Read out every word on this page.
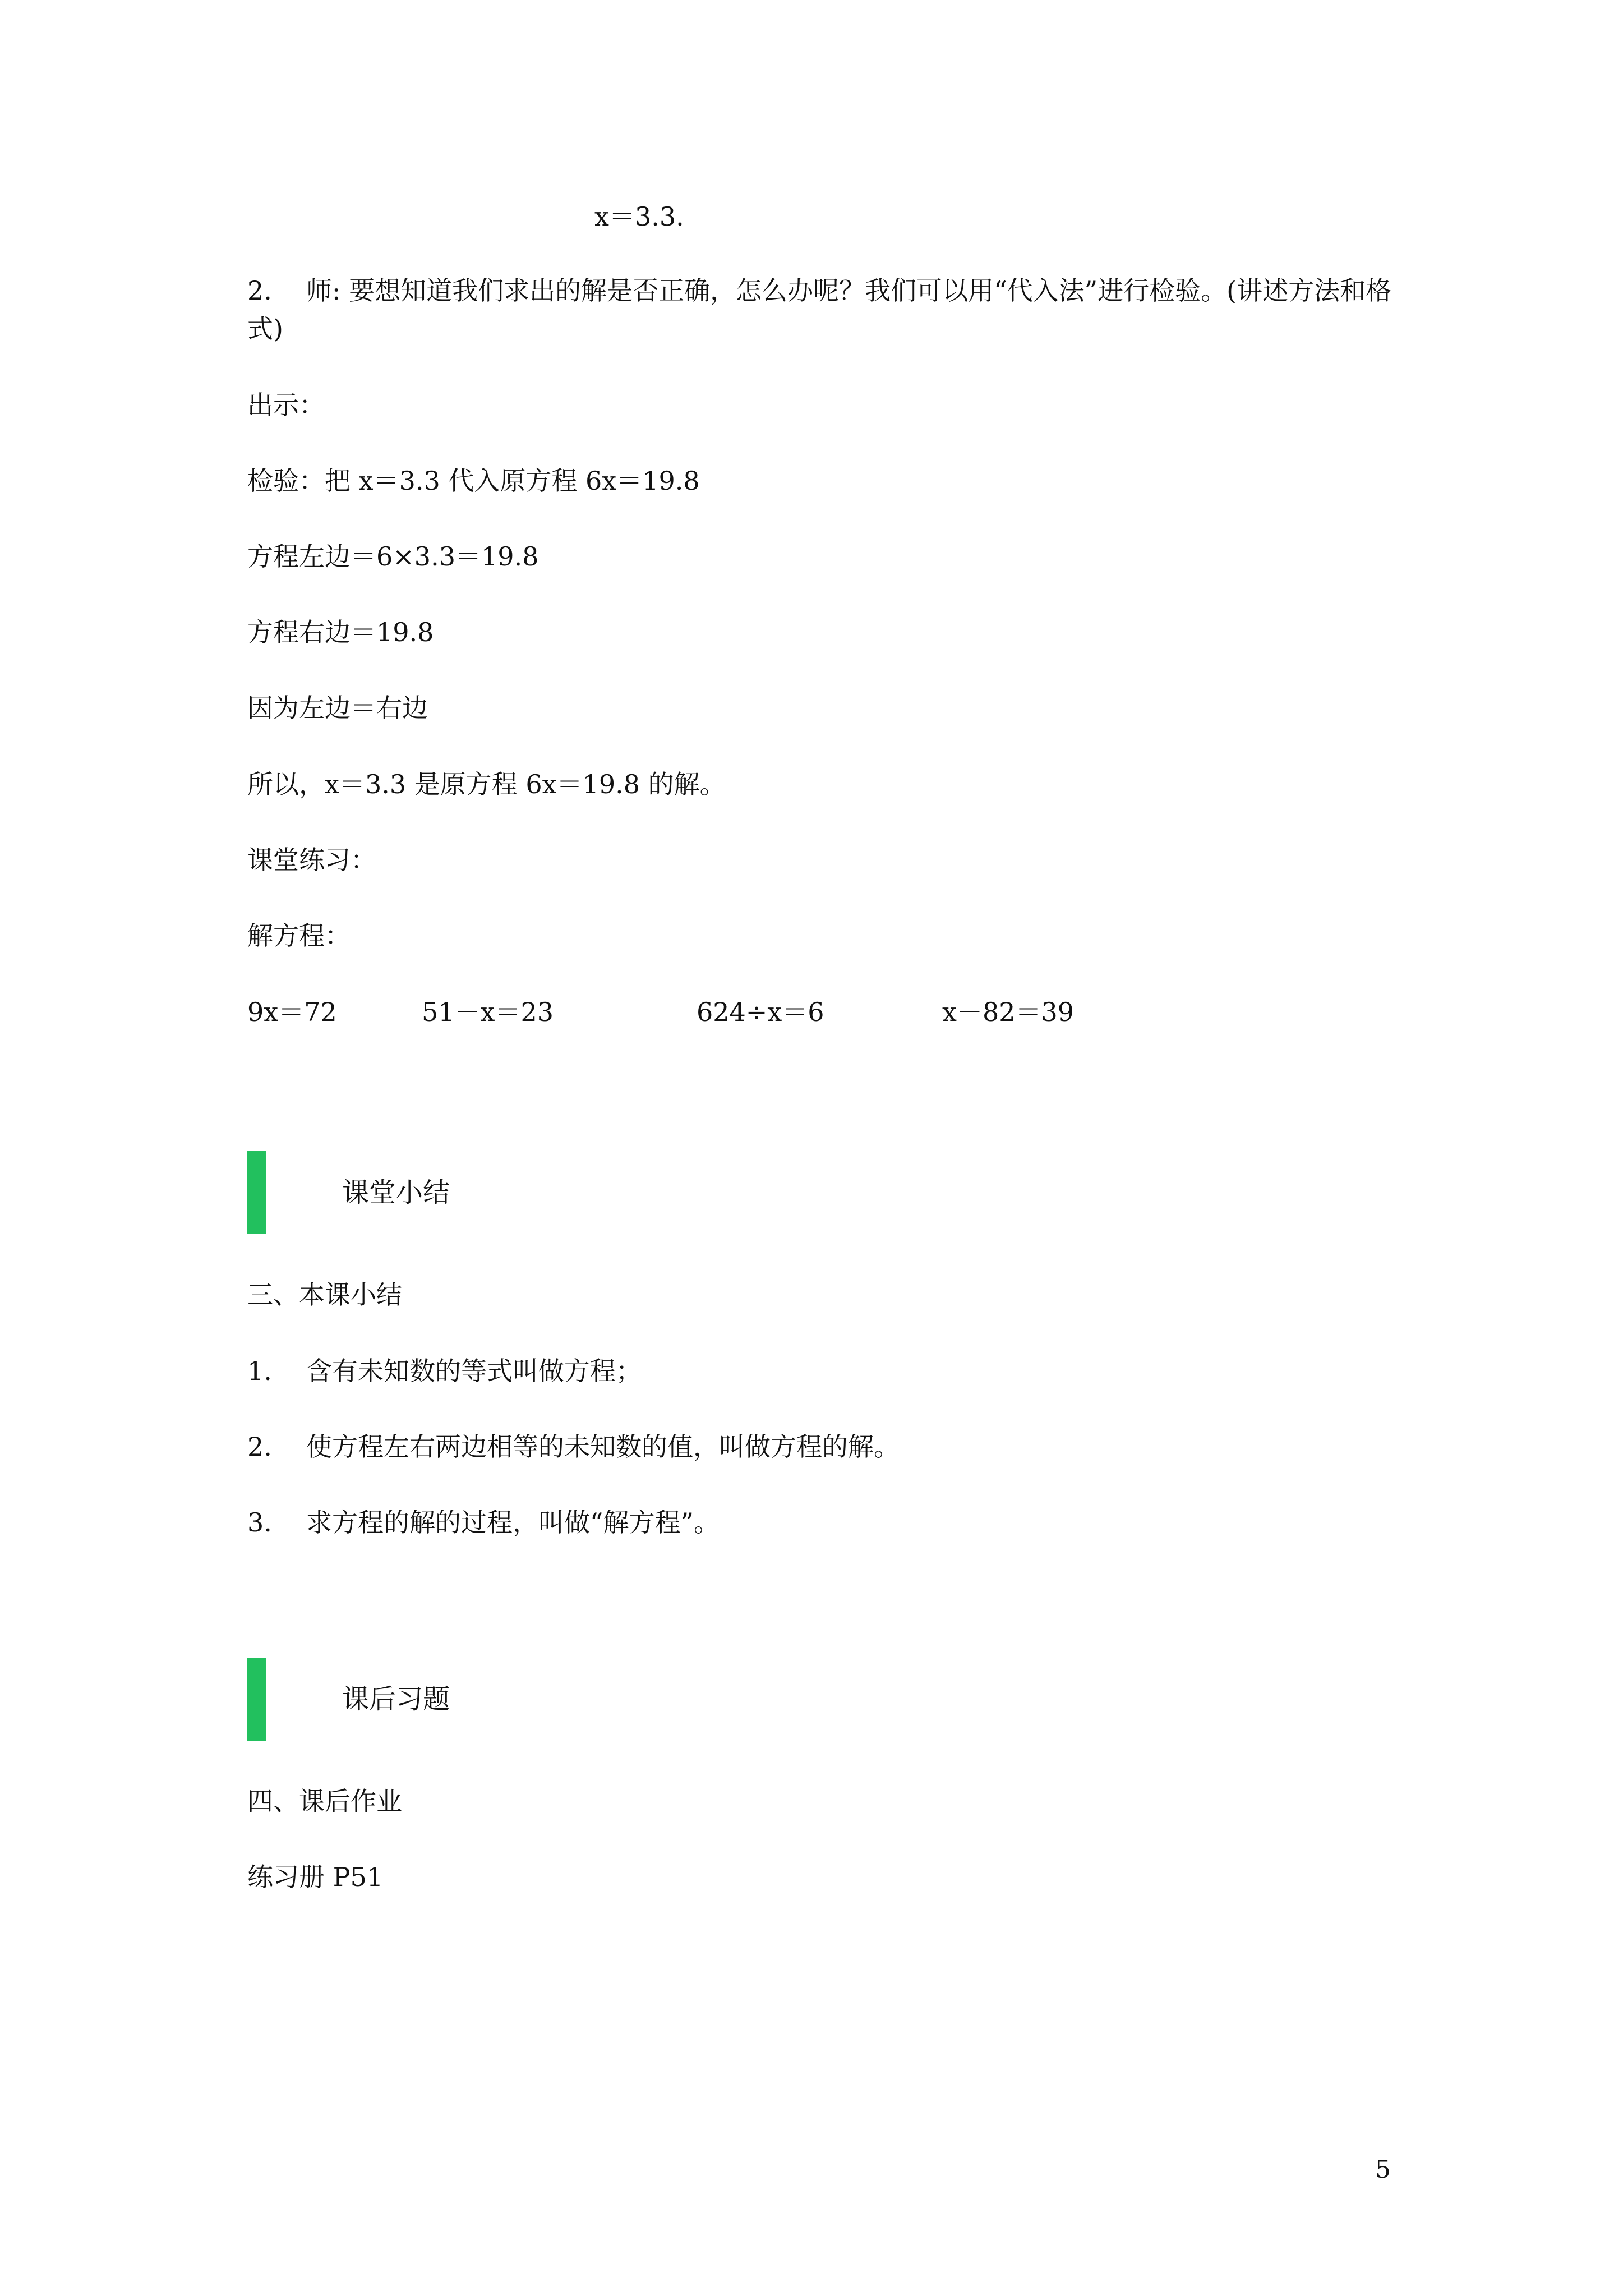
x＝3.3.
2. 师: 要想知道我们求出的解是否正确，怎么办呢？我们可以用“代入法”进行检验。(讲述方法和格式)
出示：
检验：把 x＝3.3 代入原方程 6x＝19.8
方程左边＝6×3.3＝19.8
方程右边＝19.8
因为左边＝右边
所以，x＝3.3 是原方程 6x＝19.8 的解。
课堂练习：
解方程：
9x＝72	51－x＝23	624÷x＝6	x－82＝39
课堂小结
三、本课小结
1. 含有未知数的等式叫做方程；
2. 使方程左右两边相等的未知数的值，叫做方程的解。
3. 求方程的解的过程，叫做“解方程”。
课后习题
四、课后作业
练习册 P51
5
